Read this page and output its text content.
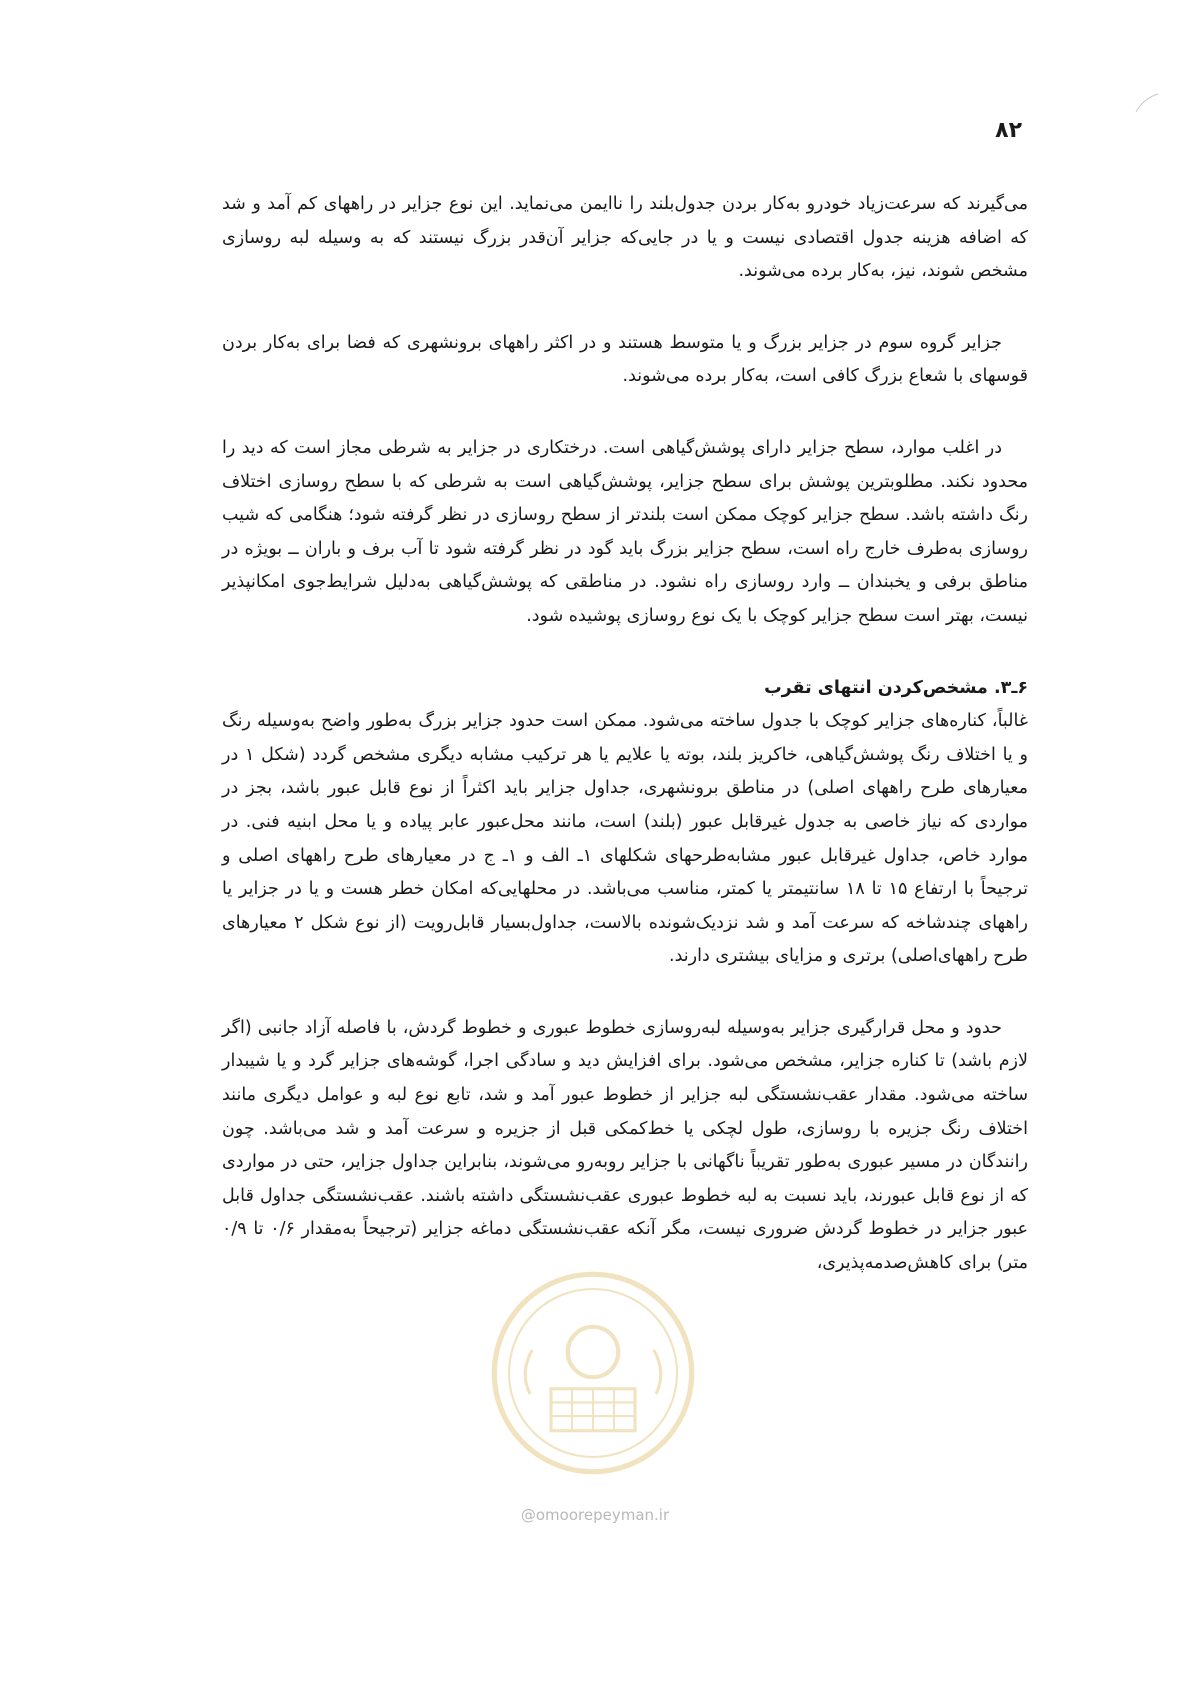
۸۲

می‌گیرند که سرعت‌زیاد خودرو به‌کار بردن جدول‌بلند را ناایمن می‌نماید. این نوع جزایر در راههای کم آمد و شد که اضافه هزینه جدول اقتصادی نیست و یا در جایی‌که جزایر آن‌قدر بزرگ نیستند که به وسیله لبه روسازی مشخص شوند، نیز، به‌کار برده می‌شوند.

جزایر گروه سوم در جزایر بزرگ و یا متوسط هستند و در اکثر راههای برونشهری که فضا برای به‌کار بردن قوسهای با شعاع بزرگ کافی است، به‌کار برده می‌شوند.

در اغلب موارد، سطح جزایر دارای پوشش‌گیاهی است. درختکاری در جزایر به شرطی مجاز است که دید را محدود نکند. مطلوبترین پوشش برای سطح جزایر، پوشش‌گیاهی است به شرطی که با سطح روسازی اختلاف رنگ داشته باشد. سطح جزایر کوچک ممکن است بلندتر از سطح روسازی در نظر گرفته شود؛ هنگامی که شیب روسازی به‌طرف خارج راه است، سطح جزایر بزرگ باید گود در نظر گرفته شود تا آب برف و باران ــ بویژه در مناطق برفی و یخبندان ــ وارد روسازی راه نشود. در مناطقی که پوشش‌گیاهی به‌دلیل شرایط‌جوی امکانپذیر نیست، بهتر است سطح جزایر کوچک با یک نوع روسازی پوشیده شود.

۶ـ۳. مشخص‌کردن انتهای تقرب

غالباً، کناره‌های جزایر کوچک با جدول ساخته می‌شود. ممکن است حدود جزایر بزرگ به‌طور واضح به‌وسیله رنگ و یا اختلاف رنگ پوشش‌گیاهی، خاکریز بلند، بوته یا علایم یا هر ترکیب مشابه دیگری مشخص گردد (شکل ۱ در معیارهای طرح راههای اصلی) در مناطق برونشهری، جداول جزایر باید اکثراً از نوع قابل عبور باشد، بجز در مواردی که نیاز خاصی به جدول غیرقابل عبور (بلند) است، مانند محل‌عبور عابر پیاده و یا محل ابنیه فنی. در موارد خاص، جداول غیرقابل عبور مشابه‌طرحهای شکلهای ۱ـ الف و ۱ـ ج در معیارهای طرح راههای اصلی و ترجیحاً با ارتفاع ۱۵ تا ۱۸ سانتیمتر یا کمتر، مناسب می‌باشد. در محلهایی‌که امکان خطر هست و یا در جزایر یا راههای چندشاخه که سرعت آمد و شد نزدیک‌شونده بالاست، جداول‌بسیار قابل‌رویت (از نوع شکل ۲ معیارهای طرح راههای‌اصلی) برتری و مزایای بیشتری دارند.

حدود و محل قرارگیری جزایر به‌وسیله لبه‌روسازی خطوط عبوری و خطوط گردش، با فاصله آزاد جانبی (اگر لازم باشد) تا کناره جزایر، مشخص می‌شود. برای افزایش دید و سادگی اجرا، گوشه‌های جزایر گرد و یا شیبدار ساخته می‌شود. مقدار عقب‌نشستگی لبه جزایر از خطوط عبور آمد و شد، تابع نوع لبه و عوامل دیگری مانند اختلاف رنگ جزیره با روسازی، طول لچکی یا خط‌کمکی قبل از جزیره و سرعت آمد و شد می‌باشد. چون رانندگان در مسیر عبوری به‌طور تقریباً ناگهانی با جزایر روبه‌رو می‌شوند، بنابراین جداول جزایر، حتی در مواردی که از نوع قابل عبورند، باید نسبت به لبه خطوط عبوری عقب‌نشستگی داشته باشند. عقب‌نشستگی جداول قابل عبور جزایر در خطوط گردش ضروری نیست، مگر آنکه عقب‌نشستگی دماغه جزایر (ترجیحاً به‌مقدار ۰/۶ تا ۰/۹ متر) برای کاهش‌صدمه‌پذیری،

@omoorepeyman.ir
